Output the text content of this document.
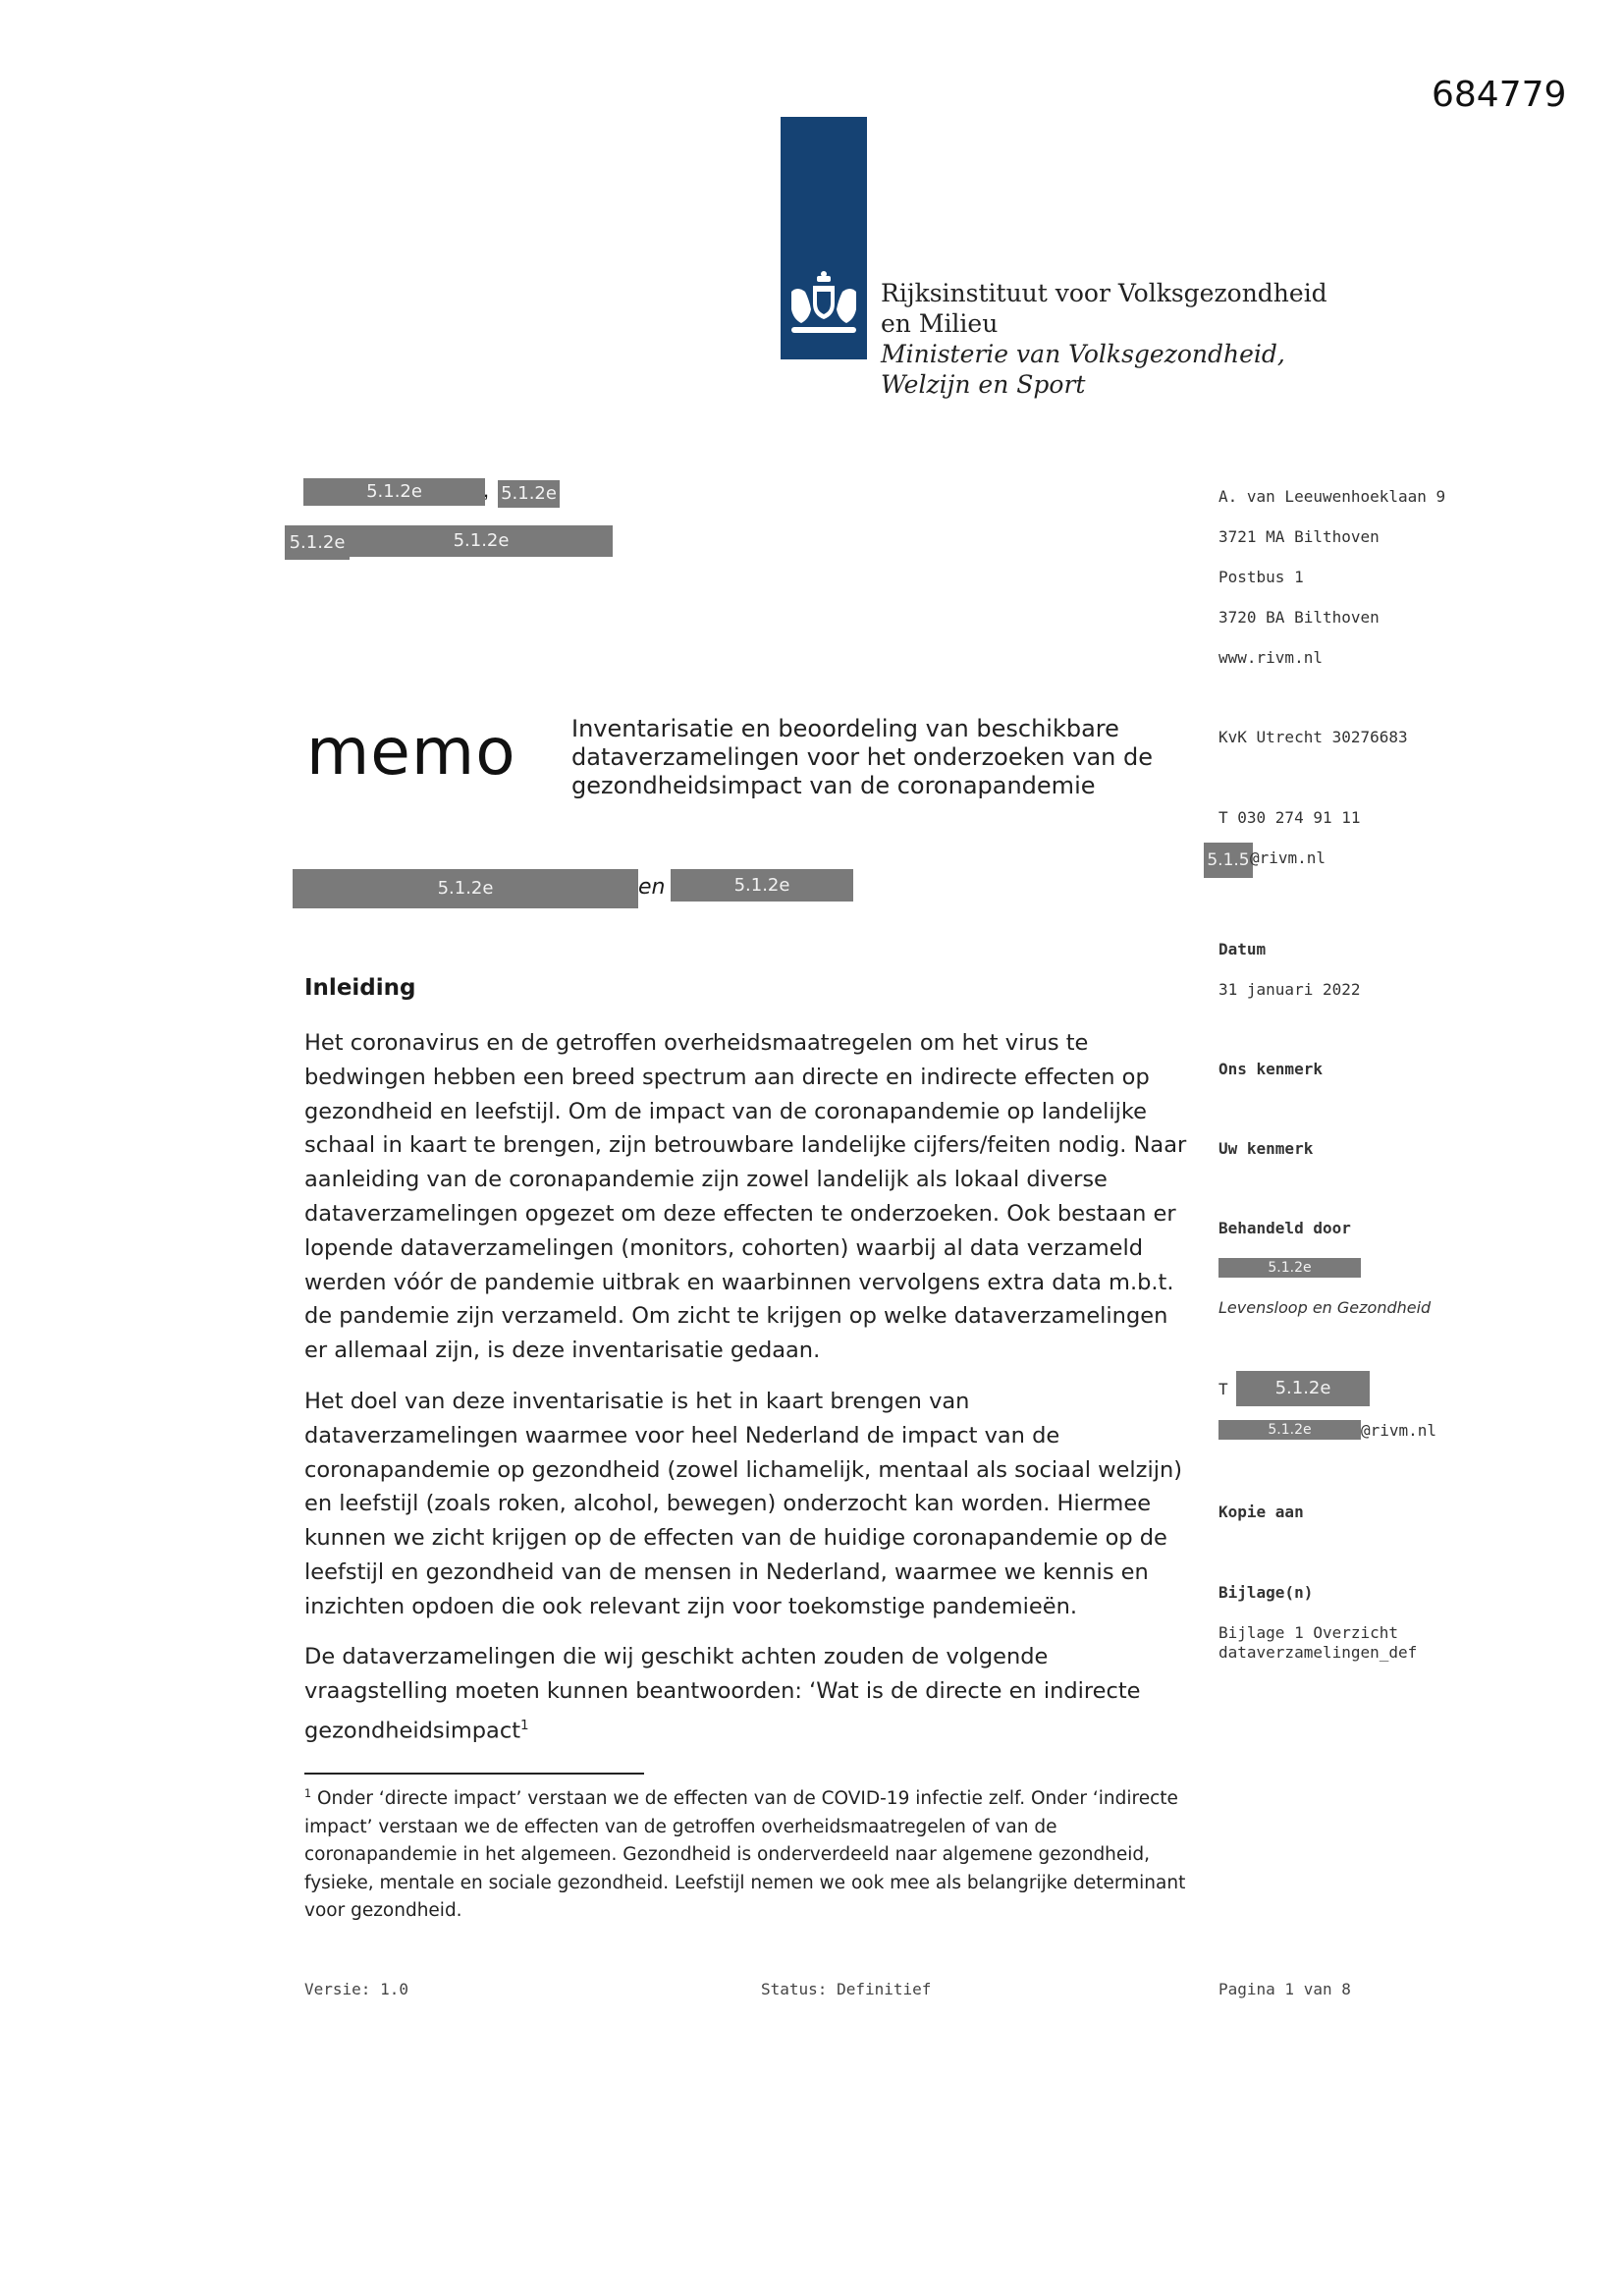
684779
Rijksinstituut voor Volksgezondheid
en Milieu
Ministerie van Volksgezondheid,
Welzijn en Sport
5.1.2e	, 5.1.2e
5.1.2e	5.1.2e
memo Inventarisatie en beoordeling van beschikbare dataverzamelingen voor het onderzoeken van de gezondheidsimpact van de coronapandemie
5.1.2e	en	5.1.2e
A. van Leeuwenhoeklaan 9
3721 MA Bilthoven
Postbus 1
3720 BA Bilthoven
www.rivm.nl
KvK Utrecht 30276683
T 030 274 91 11
5.1.5 @rivm.nl
Datum
31 januari 2022
Ons kenmerk
Uw kenmerk
Behandeld door
5.1.2e
Levensloop en Gezondheid
T	5.1.2e
5.1.2e	@rivm.nl
Kopie aan
Bijlage(n)
Bijlage 1 Overzicht
dataverzamelingen_def
Inleiding
Het coronavirus en de getroffen overheidsmaatregelen om het virus te bedwingen hebben een breed spectrum aan directe en indirecte effecten op gezondheid en leefstijl. Om de impact van de coronapandemie op landelijke schaal in kaart te brengen, zijn betrouwbare landelijke cijfers/feiten nodig. Naar aanleiding van de coronapandemie zijn zowel landelijk als lokaal diverse dataverzamelingen opgezet om deze effecten te onderzoeken. Ook bestaan er lopende dataverzamelingen (monitors, cohorten) waarbij al data verzameld werden vóór de pandemie uitbrak en waarbinnen vervolgens extra data m.b.t. de pandemie zijn verzameld. Om zicht te krijgen op welke dataverzamelingen er allemaal zijn, is deze inventarisatie gedaan.
Het doel van deze inventarisatie is het in kaart brengen van dataverzamelingen waarmee voor heel Nederland de impact van de coronapandemie op gezondheid (zowel lichamelijk, mentaal als sociaal welzijn) en leefstijl (zoals roken, alcohol, bewegen) onderzocht kan worden. Hiermee kunnen we zicht krijgen op de effecten van de huidige coronapandemie op de leefstijl en gezondheid van de mensen in Nederland, waarmee we kennis en inzichten opdoen die ook relevant zijn voor toekomstige pandemieën.
De dataverzamelingen die wij geschikt achten zouden de volgende vraagstelling moeten kunnen beantwoorden: ‘Wat is de directe en indirecte gezondheidsimpact$^1$
$^1$ Onder ‘directe impact’ verstaan we de effecten van de COVID-19 infectie zelf. Onder ‘indirecte impact’ verstaan we de effecten van de getroffen overheidsmaatregelen of van de coronapandemie in het algemeen. Gezondheid is onderverdeeld naar algemene gezondheid, fysieke, mentale en sociale gezondheid. Leefstijl nemen we ook mee als belangrijke determinant voor gezondheid.
Versie: 1.0	Status: Definitief	Pagina 1 van 8
